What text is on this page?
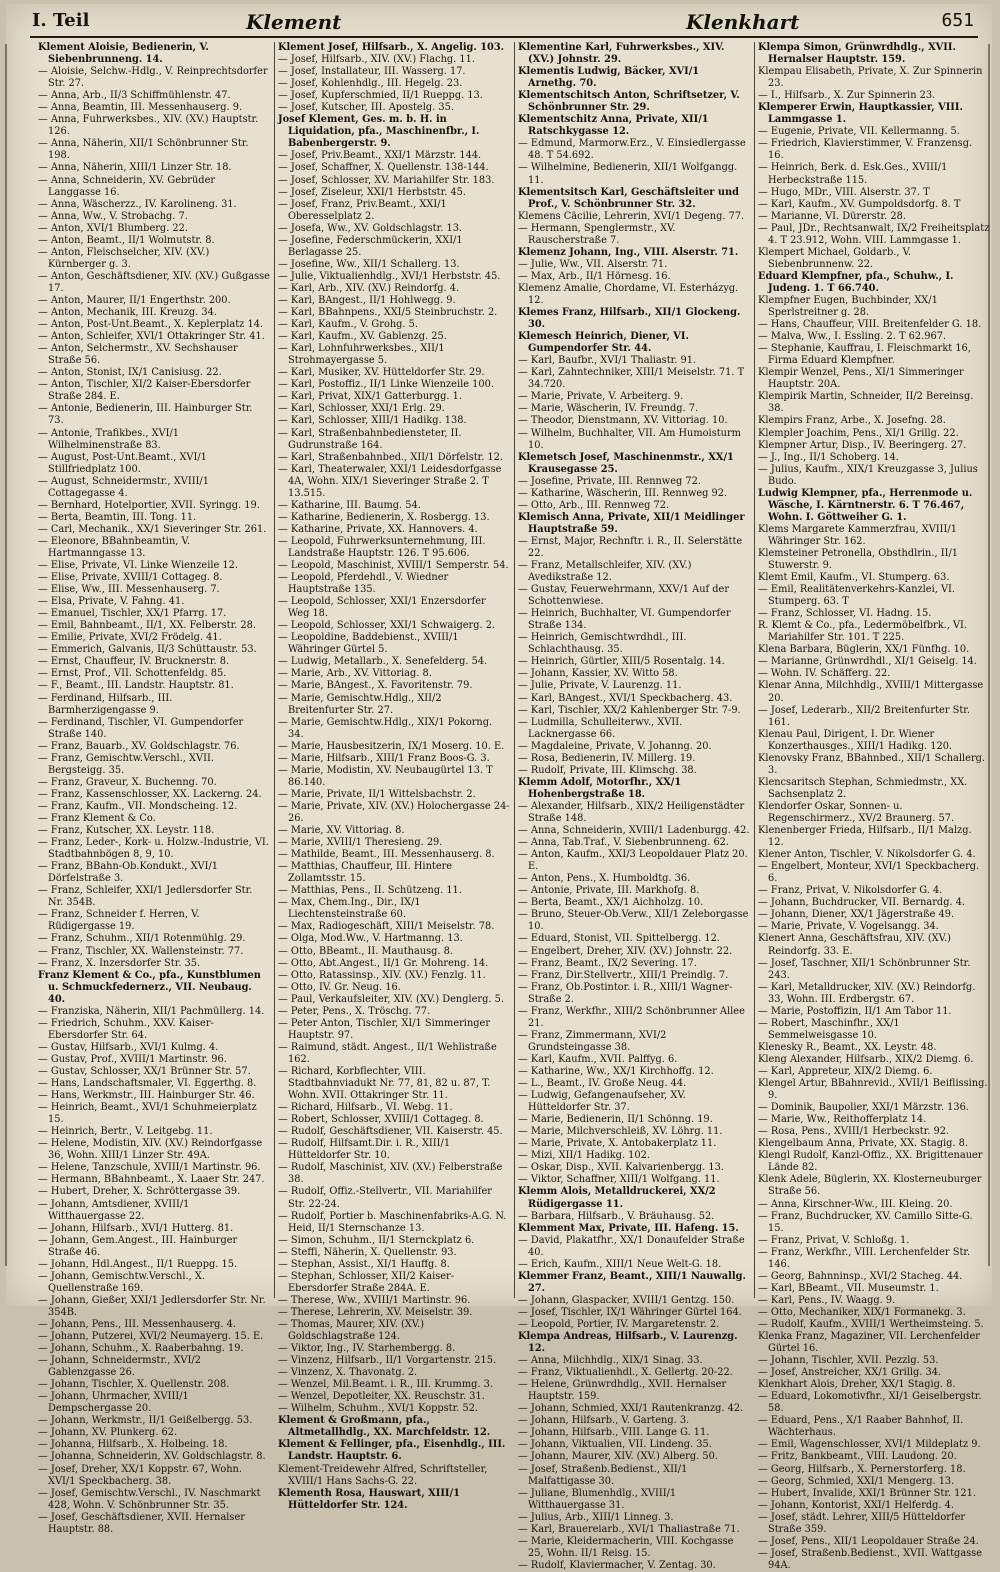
I. Teil	Klement	Klenkhart	651

Klement Aloisie, Bedienerin, V. Siebenbrunneng. 14.

— Aloisie, Selchw.-Hdlg., V. Reinprechtsdorfer Str. 27.

— Anna, Arb., II/3 Schiffmühlenstr. 47.

— Anna, Beamtin, III. Messenhauserg. 9.

— Anna, Fuhrwerksbes., XIV. (XV.) Hauptstr. 126.

— Anna, Näherin, XII/1 Schönbrunner Str. 198.

— Anna, Näherin, XIII/1 Linzer Str. 18.

— Anna, Schneiderin, XV. Gebrüder Langgasse 16.

— Anna, Wäscherzz., IV. Karolineng. 31.

— Anna, Ww., V. Strobachg. 7.

— Anton, XVI/1 Blumberg. 22.

— Anton, Beamt., II/1 Wolmutstr. 8.

— Anton, Fleischselcher, XIV. (XV.) Kürnberger g. 3.

— Anton, Geschäftsdiener, XIV. (XV.) Gußgasse 17.

— Anton, Maurer, II/1 Engerthstr. 200.

— Anton, Mechanik, III. Kreuzg. 34.

— Anton, Post-Unt.Beamt., X. Keplerplatz 14.

— Anton, Schleifer, XVI/1 Ottakringer Str. 41.

— Anton, Selchermstr., XV. Sechshauser Straße 56.

— Anton, Stonist, IX/1 Canisiusg. 22.

— Anton, Tischler, XI/2 Kaiser-Ebersdorfer Straße 284. E.

— Antonie, Bedienerin, III. Hainburger Str. 73.

— Antonie, Trafikbes., XVI/1 Wilhelminenstraße 83.

— August, Post-Unt.Beamt., XVI/1 Stillfriedplatz 100.

— August, Schneidermstr., XVIII/1 Cottagegasse 4.

— Bernhard, Hotelportier, XVII. Syringg. 19.

— Berta, Beamtin, III. Tong. 11.

— Carl, Mechanik., XX/1 Sieveringer Str. 261.

— Eleonore, BBahnbeamtin, V. Hartmanngasse 13.

— Elise, Private, VI. Linke Wienzeile 12.

— Elise, Private, XVIII/1 Cottageg. 8.

— Elise, Ww., III. Messenhauserg. 7.

— Elsa, Private, V. Fahng. 41.

— Emanuel, Tischler, XX/1 Pfarrg. 17.

— Emil, Bahnbeamt., II/1, XX. Felberstr. 28.

— Emilie, Private, XVI/2 Frödelg. 41.

— Emmerich, Galvanis, II/3 Schüttaustr. 53.

— Ernst, Chauffeur, IV. Brucknerstr. 8.

— Ernst, Prof., VII. Schottenfeldg. 85.

— F., Beamt., III. Landstr. Hauptstr. 81.

— Ferdinand, Hilfsarb., III. Barmherzigengasse 9.

— Ferdinand, Tischler, VI. Gumpendorfer Straße 140.

— Franz, Bauarb., XV. Goldschlagstr. 76.

— Franz, Gemischtw.Verschl., XVII. Bergsteigg. 35.

— Franz, Graveur, X. Buchenng. 70.

— Franz, Kassenschlosser, XX. Lackerng. 24.

— Franz, Kaufm., VII. Mondscheing. 12.

— Franz Klement & Co.

— Franz, Kutscher, XX. Leystr. 118.

— Franz, Leder-, Kork- u. Holzw.-Industrie, VI. Stadtbahnbögen 8, 9, 10.

— Franz, BBahn-Ob.Kondukt., XVI/1 Dörfelstraße 3.

— Franz, Schleifer, XXI/1 Jedlersdorfer Str. Nr. 354B.

— Franz, Schneider f. Herren, V. Rüdigergasse 19.

— Franz, Schuhm., XII/1 Rotenmühlg. 29.

— Franz, Tischler, XX. Wallensteinstr. 77.

— Franz, X. Inzersdorfer Str. 35.

Franz Klement & Co., pfa., Kunstblumen u. Schmuckfedernerz., VII. Neubaug. 40.

— Franziska, Näherin, XII/1 Pachmüllerg. 14.

— Friedrich, Schuhm., XXV. Kaiser-Ebersdorfer Str. 64.

— Gustav, Hilfsarb., XVI/1 Kulmg. 4.

— Gustav, Prof., XVIII/1 Martinstr. 96.

— Gustav, Schlosser, XX/1 Brünner Str. 57.

— Hans, Landschaftsmaler, VI. Eggerthg. 8.

— Hans, Werkmstr., III. Hainburger Str. 46.

— Heinrich, Beamt., XVI/1 Schuhmeierplatz 15.

— Heinrich, Bertr., V. Leitgebg. 11.

— Helene, Modistin, XIV. (XV.) Reindorfgasse 36, Wohn. XIII/1 Linzer Str. 49A.

— Helene, Tanzschule, XVIII/1 Martinstr. 96.

— Hermann, BBahnbeamt., X. Laaer Str. 247.

— Hubert, Dreher, X. Schröttergasse 39.

— Johann, Amtsdiener, XVIII/1 Witthauergasse 22.

— Johann, Hilfsarb., XVI/1 Hutterg. 81.

— Johann, Gem.Angest., III. Hainburger Straße 46.

— Johann, Hdl.Angest., II/1 Rueppg. 15.

— Johann, Gemischtw.Verschl., X. Quellenstraße 169.

— Johann, Gießer, XXI/1 Jedlersdorfer Str. Nr. 354B.

— Johann, Pens., III. Messenhauserg. 4.

— Johann, Putzerei, XVI/2 Neumayerg. 15. E.

— Johann, Schuhm., X. Raaberbahng. 19.

— Johann, Schneidermstr., XVI/2 Gablenzgasse 26.

— Johann, Tischler, X. Quellenstr. 208.

— Johann, Uhrmacher, XVIII/1 Dempschergasse 20.

— Johann, Werkmstr., II/1 Geißelbergg. 53.

— Johann, XV. Plunkerg. 62.

— Johanna, Hilfsarb., X. Holbeing. 18.

— Johanna, Schneiderin, XV. Goldschlagstr. 8.

— Josef, Dreher, XX/1 Koppstr. 67, Wohn. XVI/1 Speckbacherg. 38.

— Josef, Gemischtw.Verschl., IV. Naschmarkt 428, Wohn. V. Schönbrunner Str. 35.

— Josef, Geschäftsdiener, XVII. Hernalser Hauptstr. 88.

Klement Josef, Hilfsarb., X. Angelig. 103.

— Josef, Hilfsarb., XIV. (XV.) Flachg. 11.

— Josef, Installateur, III. Wasserg. 17.

— Josef, Kohlenhdlg., III. Hegelg. 23.

— Josef, Kupferschmied, II/1 Rueppg. 13.

— Josef, Kutscher, III. Apostelg. 35.

Josef Klement, Ges. m. b. H. in Liquidation, pfa., Maschinenfbr., I. Babenbergerstr. 9.

— Josef, Priv.Beamt., XXI/1 Märzstr. 144.

— Josef, Schaffner, X. Quellenstr. 138-144.

— Josef, Schlosser, XV. Mariahilfer Str. 183.

— Josef, Ziseleur, XXI/1 Herbststr. 45.

— Josef, Franz, Priv.Beamt., XXI/1 Oberesselplatz 2.

— Josefa, Ww., XV. Goldschlagstr. 13.

— Josefine, Federschmückerin, XXI/1 Berlagasse 25.

— Josefine, Ww., XII/1 Schallerg. 13.

— Julie, Viktualienhdlg., XVI/1 Herbststr. 45.

— Karl, Arb., XIV. (XV.) Reindorfg. 4.

— Karl, BAngest., II/1 Hohlwegg. 9.

— Karl, BBahnpens., XXI/5 Steinbruchstr. 2.

— Karl, Kaufm., V. Grohg. 5.

— Karl, Kaufm., XV. Gablenzg. 25.

— Karl, Lohnfuhrwerksbes., XII/1 Strohmayergasse 5.

— Karl, Musiker, XV. Hütteldorfer Str. 29.

— Karl, Postoffiz., II/1 Linke Wienzeile 100.

— Karl, Privat, XIX/1 Gatterburgg. 1.

— Karl, Schlosser, XXI/1 Erlg. 29.

— Karl, Schlosser, XIII/1 Hadikg. 138.

— Karl, Straßenbahnbediensteter, II. Gudrunstraße 164.

— Karl, Straßenbahnbed., XII/1 Dörfelstr. 12.

— Karl, Theaterwaler, XXI/1 Leidesdorfgasse 4A, Wohn. XIX/1 Sieveringer Straße 2. T 13.515.

— Katharine, III. Baumg. 54.

— Katharine, Bedienerin, X. Rosbergg. 13.

— Katharine, Private, XX. Hannovers. 4.

— Leopold, Fuhrwerksunternehmung, III. Landstraße Hauptstr. 126. T 95.606.

— Leopold, Maschinist, XVIII/1 Semperstr. 54.

— Leopold, Pferdehdl., V. Wiedner Hauptstraße 135.

— Leopold, Schlosser, XXI/1 Enzersdorfer Weg 18.

— Leopold, Schlosser, XXI/1 Schwaigerg. 2.

— Leopoldine, Baddebienst., XVIII/1 Währinger Gürtel 5.

— Ludwig, Metallarb., X. Senefelderg. 54.

— Marie, Arb., XV. Vittoriag. 8.

— Marie, BAngest., X. Favoritenstr. 79.

— Marie, Gemischtw.Hdlg., XII/2 Breitenfurter Str. 27.

— Marie, Gemischtw.Hdlg., XIX/1 Pokorng. 34.

— Marie, Hausbesitzerin, IX/1 Moserg. 10. E.

— Marie, Hilfsarb., XIII/1 Franz Boos-G. 3.

— Marie, Modistin, XV. Neubaugürtel 13. T 86.140.

— Marie, Private, II/1 Wittelsbachstr. 2.

— Marie, Private, XIV. (XV.) Holochergasse 24-26.

— Marie, XV. Vittoriag. 8.

— Marie, XVIII/1 Theresieng. 29.

— Mathilde, Beamt., III. Messenhauserg. 8.

— Matthias, Chauffeur, III. Hintere Zollamtsstr. 15.

— Matthias, Pens., II. Schützeng. 11.

— Max, Chem.Ing., Dir., IX/1 Liechtensteinstraße 60.

— Max, Radiogeschäft, XIII/1 Meiselstr. 78.

— Olga, Mod.Ww., V. Hartmanng. 13.

— Otto, BBeamt., II. Mauthausg. 8.

— Otto, Abt.Angest., II/1 Gr. Mohreng. 14.

— Otto, Ratassinsp., XIV. (XV.) Fenzlg. 11.

— Otto, IV. Gr. Neug. 16.

— Paul, Verkaufsleiter, XIV. (XV.) Denglerg. 5.

— Peter, Pens., X. Tröschg. 77.

— Peter Anton, Tischler, XI/1 Simmeringer Hauptstr. 97.

— Raimund, städt. Angest., II/1 Wehlistraße 162.

— Richard, Korbflechter, VIII. Stadtbahnviadukt Nr. 77, 81, 82 u. 87, T. Wohn. XVII. Ottakringer Str. 11.

— Richard, Hilfsarb., VI. Webg. 11.

— Robert, Schlosser, XVIII/1 Cottageg. 8.

— Rudolf, Geschäftsdiener, VII. Kaiserstr. 45.

— Rudolf, Hilfsamt.Dir. i. R., XIII/1 Hütteldorfer Str. 10.

— Rudolf, Maschinist, XIV. (XV.) Felberstraße 38.

— Rudolf, Offiz.-Stellvertr., VII. Mariahilfer Str. 22-24.

— Rudolf, Portier b. Maschinenfabriks-A.G. N. Heid, II/1 Sternschanze 13.

— Simon, Schuhm., II/1 Sternckplatz 6.

— Steffi, Näherin, X. Quellenstr. 93.

— Stephan, Assist., XI/1 Hauffg. 8.

— Stephan, Schlosser, XII/2 Kaiser-Ebersdorfer Straße 284A. E.

— Therese, Ww., XVIII/1 Martinstr. 96.

— Therese, Lehrerin, XV. Meiselstr. 39.

— Thomas, Maurer, XIV. (XV.) Goldschlagstraße 124.

— Viktor, Ing., IV. Starhembergg. 8.

— Vinzenz, Hilfsarb., II/1 Vorgartenstr. 215.

— Vinzenz, X. Thavonatg. 2.

— Wenzel, Mil.Beamt. i. R., III. Krummg. 3.

— Wenzel, Depotleiter, XX. Reuschstr. 31.

— Wilhelm, Schuhm., XVI/1 Koppstr. 52.

Klement & Großmann, pfa., Altmetallhdlg., XX. Marchfeldstr. 12.

Klement & Fellinger, pfa., Eisenhdlg., III. Landstr. Hauptstr. 6.

Klement-Treidewehr Alfred, Schriftsteller, XVIII/1 Hans Sachs-G. 22.

Klementh Rosa, Hauswart, XIII/1 Hütteldorfer Str. 124.

Klementine Karl, Fuhrwerksbes., XIV. (XV.) Johnstr. 29.

Klementis Ludwig, Bäcker, XVI/1 Arnethg. 70.

Klementschitsch Anton, Schriftsetzer, V. Schönbrunner Str. 29.

Klementschitz Anna, Private, XII/1 Ratschkygasse 12.

— Edmund, Marmorw.Erz., V. Einsiedlergasse 48. T 54.692.

— Wilhelmine, Bedienerin, XII/1 Wolfgangg. 11.

Klementsitsch Karl, Geschäftsleiter und Prof., V. Schönbrunner Str. 32.

Klemens Cäcilie, Lehrerin, XVI/1 Degeng. 77.

— Hermann, Spenglermstr., XV. Rauscherstraße 7.

Klemenz Johann, Ing., VIII. Alserstr. 71.

— Julie, Ww., VII. Alserstr. 71.

— Max, Arb., II/1 Hörnesg. 16.

Klemenz Amalie, Chordame, VI. Esterházyg. 12.

Klemes Franz, Hilfsarb., XII/1 Glockeng. 30.

Klemesch Heinrich, Diener, VI. Gumpendorfer Str. 44.

— Karl, Baufbr., XVI/1 Thaliastr. 91.

— Karl, Zahntechniker, XIII/1 Meiselstr. 71. T 34.720.

— Marie, Private, V. Arbeiterg. 9.

— Marie, Wäscherin, IV. Freundg. 7.

— Theodor, Dienstmann, XV. Vittoriag. 10.

— Wilhelm, Buchhalter, VII. Am Humoisturm 10.

Klemetsch Josef, Maschinenmstr., XX/1 Krausegasse 25.

— Josefine, Private, III. Rennweg 72.

— Katharine, Wäscherin, III. Rennweg 92.

— Otto, Arb., III. Rennweg 72.

Klemisch Anna, Private, XII/1 Meidlinger Hauptstraße 59.

— Ernst, Major, Rechnftr. i. R., II. Selerstätte 22.

— Franz, Metallschleifer, XIV. (XV.) Avedikstraße 12.

— Gustav, Feuerwehrmann, XXV/1 Auf der Schottenwiese.

— Heinrich, Buchhalter, VI. Gumpendorfer Straße 134.

— Heinrich, Gemischtwrdhdl., III. Schlachthausg. 35.

— Heinrich, Gürtler, XIII/5 Rosentalg. 14.

— Johann, Kassier, XV. Witto 58.

— Julie, Private, V. Laurenzg. 11.

— Karl, BAngest., XVI/1 Speckbacherg. 43.

— Karl, Tischler, XX/2 Kahlenberger Str. 7-9.

— Ludmilla, Schulleiterwv., XVII. Lacknergasse 66.

— Magdaleine, Private, V. Johanng. 20.

— Rosa, Bedienerin, IV. Millerg. 19.

— Rudolf, Private, III. Klimschg. 38.

Klemm Adolf, Motorfhr., XX/1 Hohenbergstraße 18.

— Alexander, Hilfsarb., XIX/2 Heiligenstädter Straße 148.

— Anna, Schneiderin, XVIII/1 Ladenburgg. 42.

— Anna, Tab.Traf., V. Siebenbrunneng. 62.

— Anton, Kaufm., XXI/3 Leopoldauer Platz 20. E.

— Anton, Pens., X. Humboldtg. 36.

— Antonie, Private, III. Markhofg. 8.

— Berta, Beamt., XX/1 Aichholzg. 10.

— Bruno, Steuer-Ob.Verw., XII/1 Zeleborgasse 10.

— Eduard, Stonist, VII. Spittelbergg. 12.

— Engelbert, Dreher, XIV. (XV.) Johnstr. 22.

— Franz, Beamt., IX/2 Severing. 17.

— Franz, Dir.Stellvertr., XIII/1 Preindlg. 7.

— Franz, Ob.Postintor. i. R., XIII/1 Wagner-Straße 2.

— Franz, Werkfhr., XIII/2 Schönbrunner Allee 21.

— Franz, Zimmermann, XVI/2 Grundsteingasse 38.

— Karl, Kaufm., XVII. Palffyg. 6.

— Katharine, Ww., XX/1 Kirchhoffg. 12.

— L., Beamt., IV. Große Neug. 44.

— Ludwig, Gefangenaufseher, XV. Hütteldorfer Str. 37.

— Marie, Bedienerin, II/1 Schönng. 19.

— Marie, Milchverschleiß, XV. Löhrg. 11.

— Marie, Private, X. Antobakerplatz 11.

— Mizi, XII/1 Hadikg. 102.

— Oskar, Disp., XVII. Kalvarienbergg. 13.

— Viktor, Schaffner, XIII/1 Wolfgang. 11.

Klemm Alois, Metalldruckerei, XX/2 Rüdigergasse 11.

— Barbara, Hilfsarb., V. Bräuhausg. 52.

Klemment Max, Private, III. Hafeng. 15.

— David, Plakatfhr., XX/1 Donaufelder Straße 40.

— Erich, Kaufm., XIII/1 Neue Welt-G. 18.

Klemmer Franz, Beamt., XIII/1 Nauwallg. 27.

— Johann, Glaspacker, XVIII/1 Gentzg. 150.

— Josef, Tischler, IX/1 Währinger Gürtel 164.

— Leopold, Portier, IV. Margaretenstr. 2.

Klempa Andreas, Hilfsarb., V. Laurenzg. 12.

— Anna, Milchhdlg., XIX/1 Sinag. 33.

— Franz, Viktualienhdl., X. Gellertg. 20-22.

— Helene, Grünwrdhdlg., XVII. Hernalser Hauptstr. 159.

— Johann, Schmied, XXI/1 Rautenkranzg. 42.

— Johann, Hilfsarb., V. Garteng. 3.

— Johann, Hilfsarb., VIII. Lange G. 11.

— Johann, Viktualien, VII. Lindeng. 35.

— Johann, Maurer, XIV. (XV.) Alberg. 50.

— Josef, Straßenb.Bedienst., XII/1 Malfattigasse 30.

— Juliane, Blumenhdlg., XVIII/1 Witthauergasse 31.

— Julius, Arb., XIII/1 Linneg. 3.

— Karl, Brauereiarb., XVI/1 Thaliastraße 71.

— Marie, Kleidermacherin, VIII. Kochgasse 25, Wohn. II/1 Reisg. 15.

— Rudolf, Klaviermacher, V. Zentag. 30.

Klempa Simon, Grünwrdhdlg., XVII. Hernalser Hauptstr. 159.

Klempau Elisabeth, Private, X. Zur Spinnerin 23.

— I., Hilfsarb., X. Zur Spinnerin 23.

Klemperer Erwin, Hauptkassier, VIII. Lammgasse 1.

— Eugenie, Private, VII. Kellermanng. 5.

— Friedrich, Klavierstimmer, V. Franzensg. 16.

— Heinrich, Berk. d. Esk.Ges., XVIII/1 Herbeckstraße 115.

— Hugo, MDr., VIII. Alserstr. 37. T

— Karl, Kaufm., XV. Gumpoldsdorfg. 8. T

— Marianne, VI. Dürerstr. 28.

— Paul, JDr., Rechtsanwalt, IX/2 Freiheitsplatz 4. T 23.912, Wohn. VIII. Lammgasse 1.

Klempert Michael, Goldarb., V. Siebenbrunnenw. 22.

Eduard Klempfner, pfa., Schuhw., I. Judeng. 1. T 66.740.

Klempfner Eugen, Buchbinder, XX/1 Sperlstreitner g. 28.

— Hans, Chauffeur, VIII. Breitenfelder G. 18.

— Malva, Ww., I. Essling. 2. T 62.967.

— Stephanie, Kauffrau, I. Fleischmarkt 16, Firma Eduard Klempfner.

Klempir Wenzel, Pens., XI/1 Simmeringer Hauptstr. 20A.

Klempirik Martin, Schneider, II/2 Bereinsg. 38.

Klempirs Franz, Arbe., X. Josefng. 28.

Klempler Joachim, Pens., XI/1 Grillg. 22.

Klempner Artur, Disp., IV. Beeringerg. 27.

— J., Ing., II/1 Schoberg. 14.

— Julius, Kaufm., XIX/1 Kreuzgasse 3, Julius Budo.

Ludwig Klempner, pfa., Herrenmode u. Wäsche, I. Kärntnerstr. 6. T 76.467, Wohn. I. Göttweiher G. 1.

Klems Margarete Kammerzfrau, XVIII/1 Währinger Str. 162.

Klemsteiner Petronella, Obsthdlrin., II/1 Stuwerstr. 9.

Klemt Emil, Kaufm., VI. Stumperg. 63.

— Emil, Realitätenverkehrs-Kanzlei, VI. Stumperg. 63. T

— Franz, Schlosser, VI. Hadng. 15.

R. Klemt & Co., pfa., Ledermöbelfbrk., VI. Mariahilfer Str. 101. T 225.

Klena Barbara, Büglerin, XX/1 Fünfhg. 10.

— Marianne, Grünwrdhdl., XI/1 Geiselg. 14.

— Wohn. IV. Schäfferg. 22.

Klenar Anna, Milchhdlg., XVIII/1 Mittergasse 20.

— Josef, Lederarb., XII/2 Breitenfurter Str. 161.

Klenau Paul, Dirigent, I. Dr. Wiener Konzerthausges., XIII/1 Hadikg. 120.

Klenovsky Franz, BBahnbed., XII/1 Schallerg. 3.

Klencsaritsch Stephan, Schmiedmstr., XX. Sachsenplatz 2.

Klendorfer Oskar, Sonnen- u. Regenschirmerz., XV/2 Braunerg. 57.

Klenenberger Frieda, Hilfsarb., II/1 Malzg. 12.

Klener Anton, Tischler, V. Nikolsdorfer G. 4.

— Engelbert, Monteur, XVI/1 Speckbacherg. 6.

— Franz, Privat, V. Nikolsdorfer G. 4.

— Johann, Buchdrucker, VII. Bernardg. 4.

— Johann, Diener, XX/1 Jägerstraße 49.

— Marie, Private, V. Vogelsangg. 34.

Klenert Anna, Geschäftsfrau, XIV. (XV.) Reindorfg. 33. E.

— Josef, Taschner, XII/1 Schönbrunner Str. 243.

— Karl, Metalldrucker, XIV. (XV.) Reindorfg. 33, Wohn. III. Erdbergstr. 67.

— Marie, Postoffizin, II/1 Am Tabor 11.

— Robert, Maschinfhr., XX/1 Semmelweisgasse 10.

Klenesky R., Beamt., XX. Leystr. 48.

Kleng Alexander, Hilfsarb., XIX/2 Diemg. 6.

— Karl, Appreteur, XIX/2 Diemg. 6.

Klengel Artur, BBahnrevid., XVII/1 Beiflissing. 9.

— Dominik, Baupolier, XXI/1 Märzstr. 136.

— Marie, Ww., Reithofferplatz 14.

— Rosa, Pens., XVIII/1 Herbeckstr. 92.

Klengelbaum Anna, Private, XX. Stagig. 8.

Klengl Rudolf, Kanzl-Offiz., XX. Brigittenauer Lände 82.

Klenk Adele, Büglerin, XX. Klosterneuburger Straße 56.

— Anna, Kirschner-Ww., III. Kleing. 20.

— Franz, Buchdrucker, XV. Camillo Sitte-G. 15.

— Franz, Privat, V. Schloßg. 1.

— Franz, Werkfhr., VIII. Lerchenfelder Str. 146.

— Georg, Bahnninsp., XVI/2 Stacheg. 44.

— Karl, BBeamt., VII. Museumstr. 1.

— Karl, Pens., IV. Waagg. 9.

— Otto, Mechaniker, XIX/1 Formanekg. 3.

— Rudolf, Kaufm., XVIII/1 Wertheimsteing. 5.

Klenka Franz, Magaziner, VII. Lerchenfelder Gürtel 16.

— Johann, Tischler, XVII. Pezzlg. 53.

— Josef, Anstreicher, XX/1 Grillg. 34.

Klenkhart Alois, Dreher, XX/1 Stagig. 8.

— Eduard, Lokomotivfhr., XI/1 Geiselbergstr. 58.

— Eduard, Pens., X/1 Raaber Bahnhof, II. Wächterhaus.

— Emil, Wagenschlosser, XVI/1 Mildeplatz 9.

— Fritz, Bankbeamt., VIII. Laudong. 20.

— Georg, Hilfsarb., X. Pernerstorferg. 18.

— Georg, Schmied, XXI/1 Mengerg. 13.

— Hubert, Invalide, XXI/1 Brünner Str. 121.

— Johann, Kontorist, XXI/1 Helferdg. 4.

— Josef, städt. Lehrer, XIII/5 Hütteldorfer Straße 359.

— Josef, Pens., XII/1 Leopoldauer Straße 24.

— Josef, Straßenb.Bedienst., XVII. Wattgasse 94A.
